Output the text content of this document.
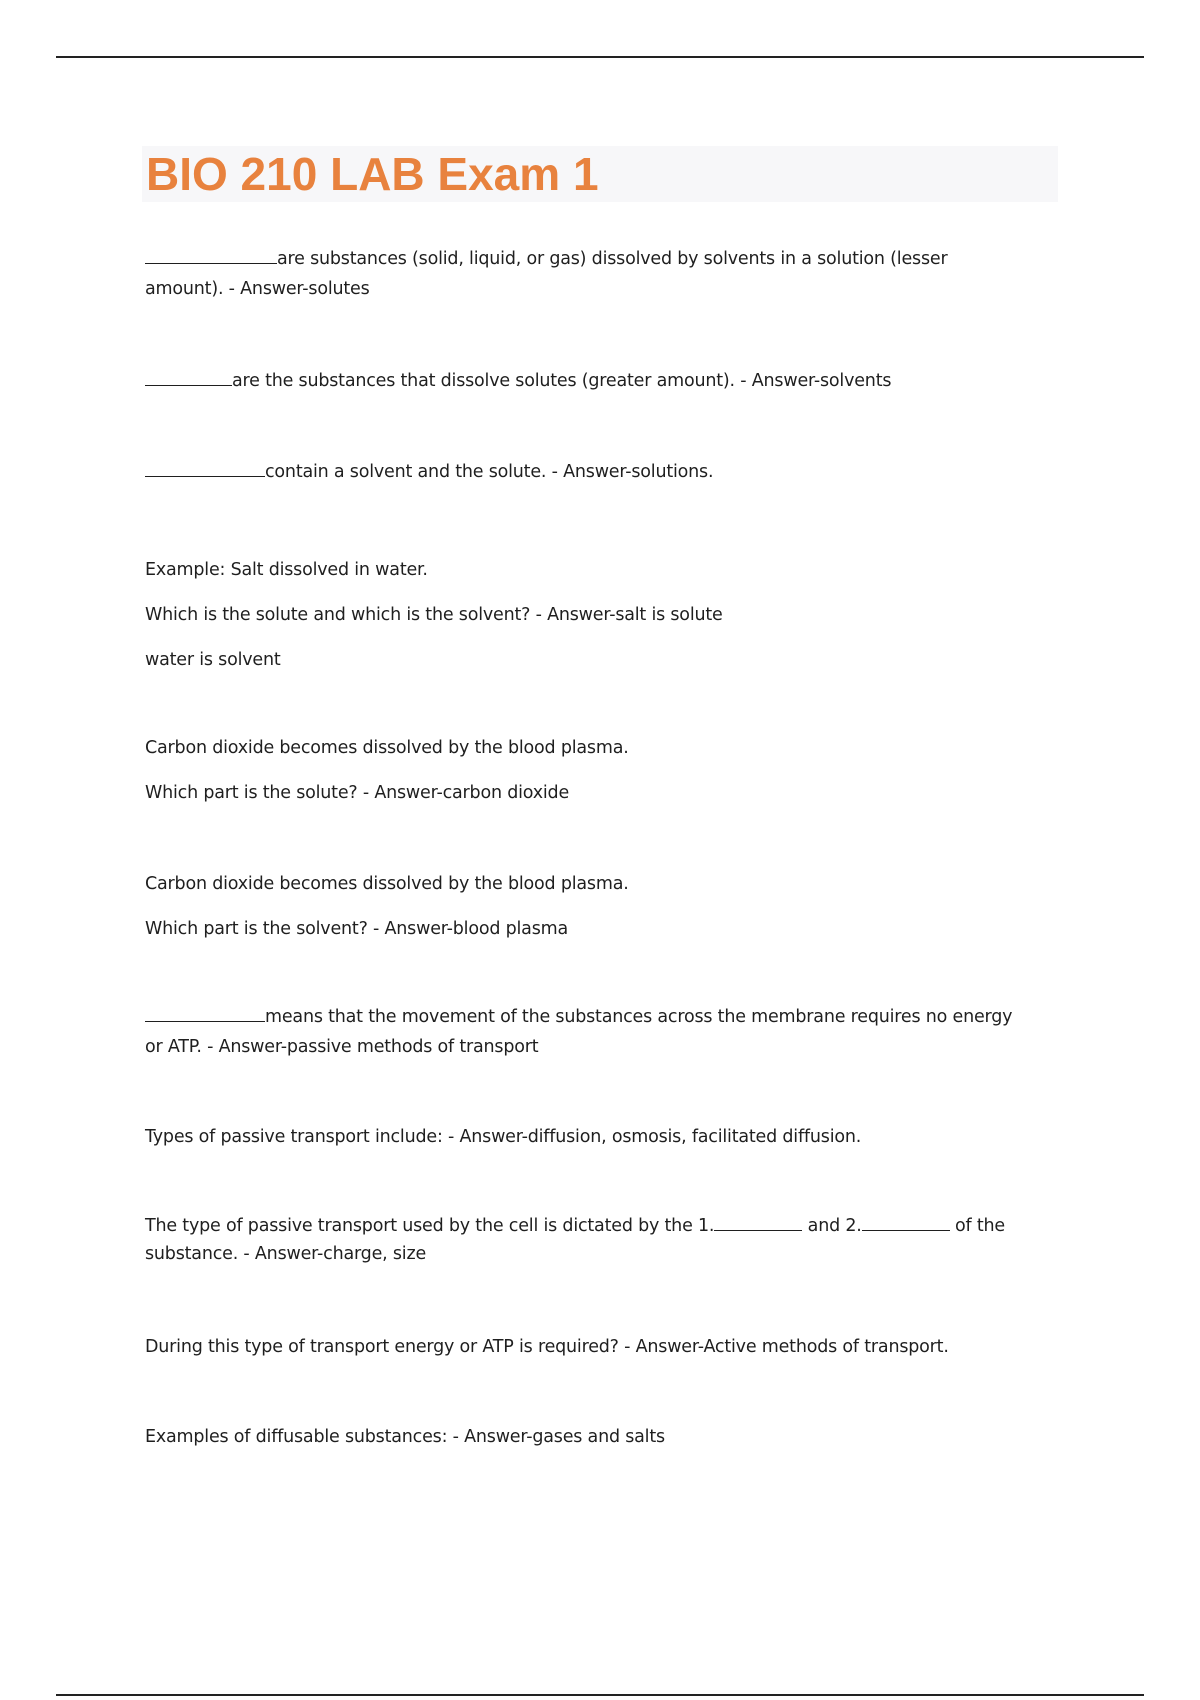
BIO 210 LAB Exam 1
are substances (solid, liquid, or gas) dissolved by solvents in a solution (lesser
amount). - Answer-solutes
are the substances that dissolve solutes (greater amount). - Answer-solvents
contain a solvent and the solute. - Answer-solutions.
Example: Salt dissolved in water.
Which is the solute and which is the solvent? - Answer-salt is solute
water is solvent
Carbon dioxide becomes dissolved by the blood plasma.
Which part is the solute? - Answer-carbon dioxide
Carbon dioxide becomes dissolved by the blood plasma.
Which part is the solvent? - Answer-blood plasma
means that the movement of the substances across the membrane requires no energy
or ATP. - Answer-passive methods of transport
Types of passive transport include: - Answer-diffusion, osmosis, facilitated diffusion.
The type of passive transport used by the cell is dictated by the 1.	and 2.	of the
substance. - Answer-charge, size
During this type of transport energy or ATP is required? - Answer-Active methods of transport.
Examples of diffusable substances: - Answer-gases and salts
